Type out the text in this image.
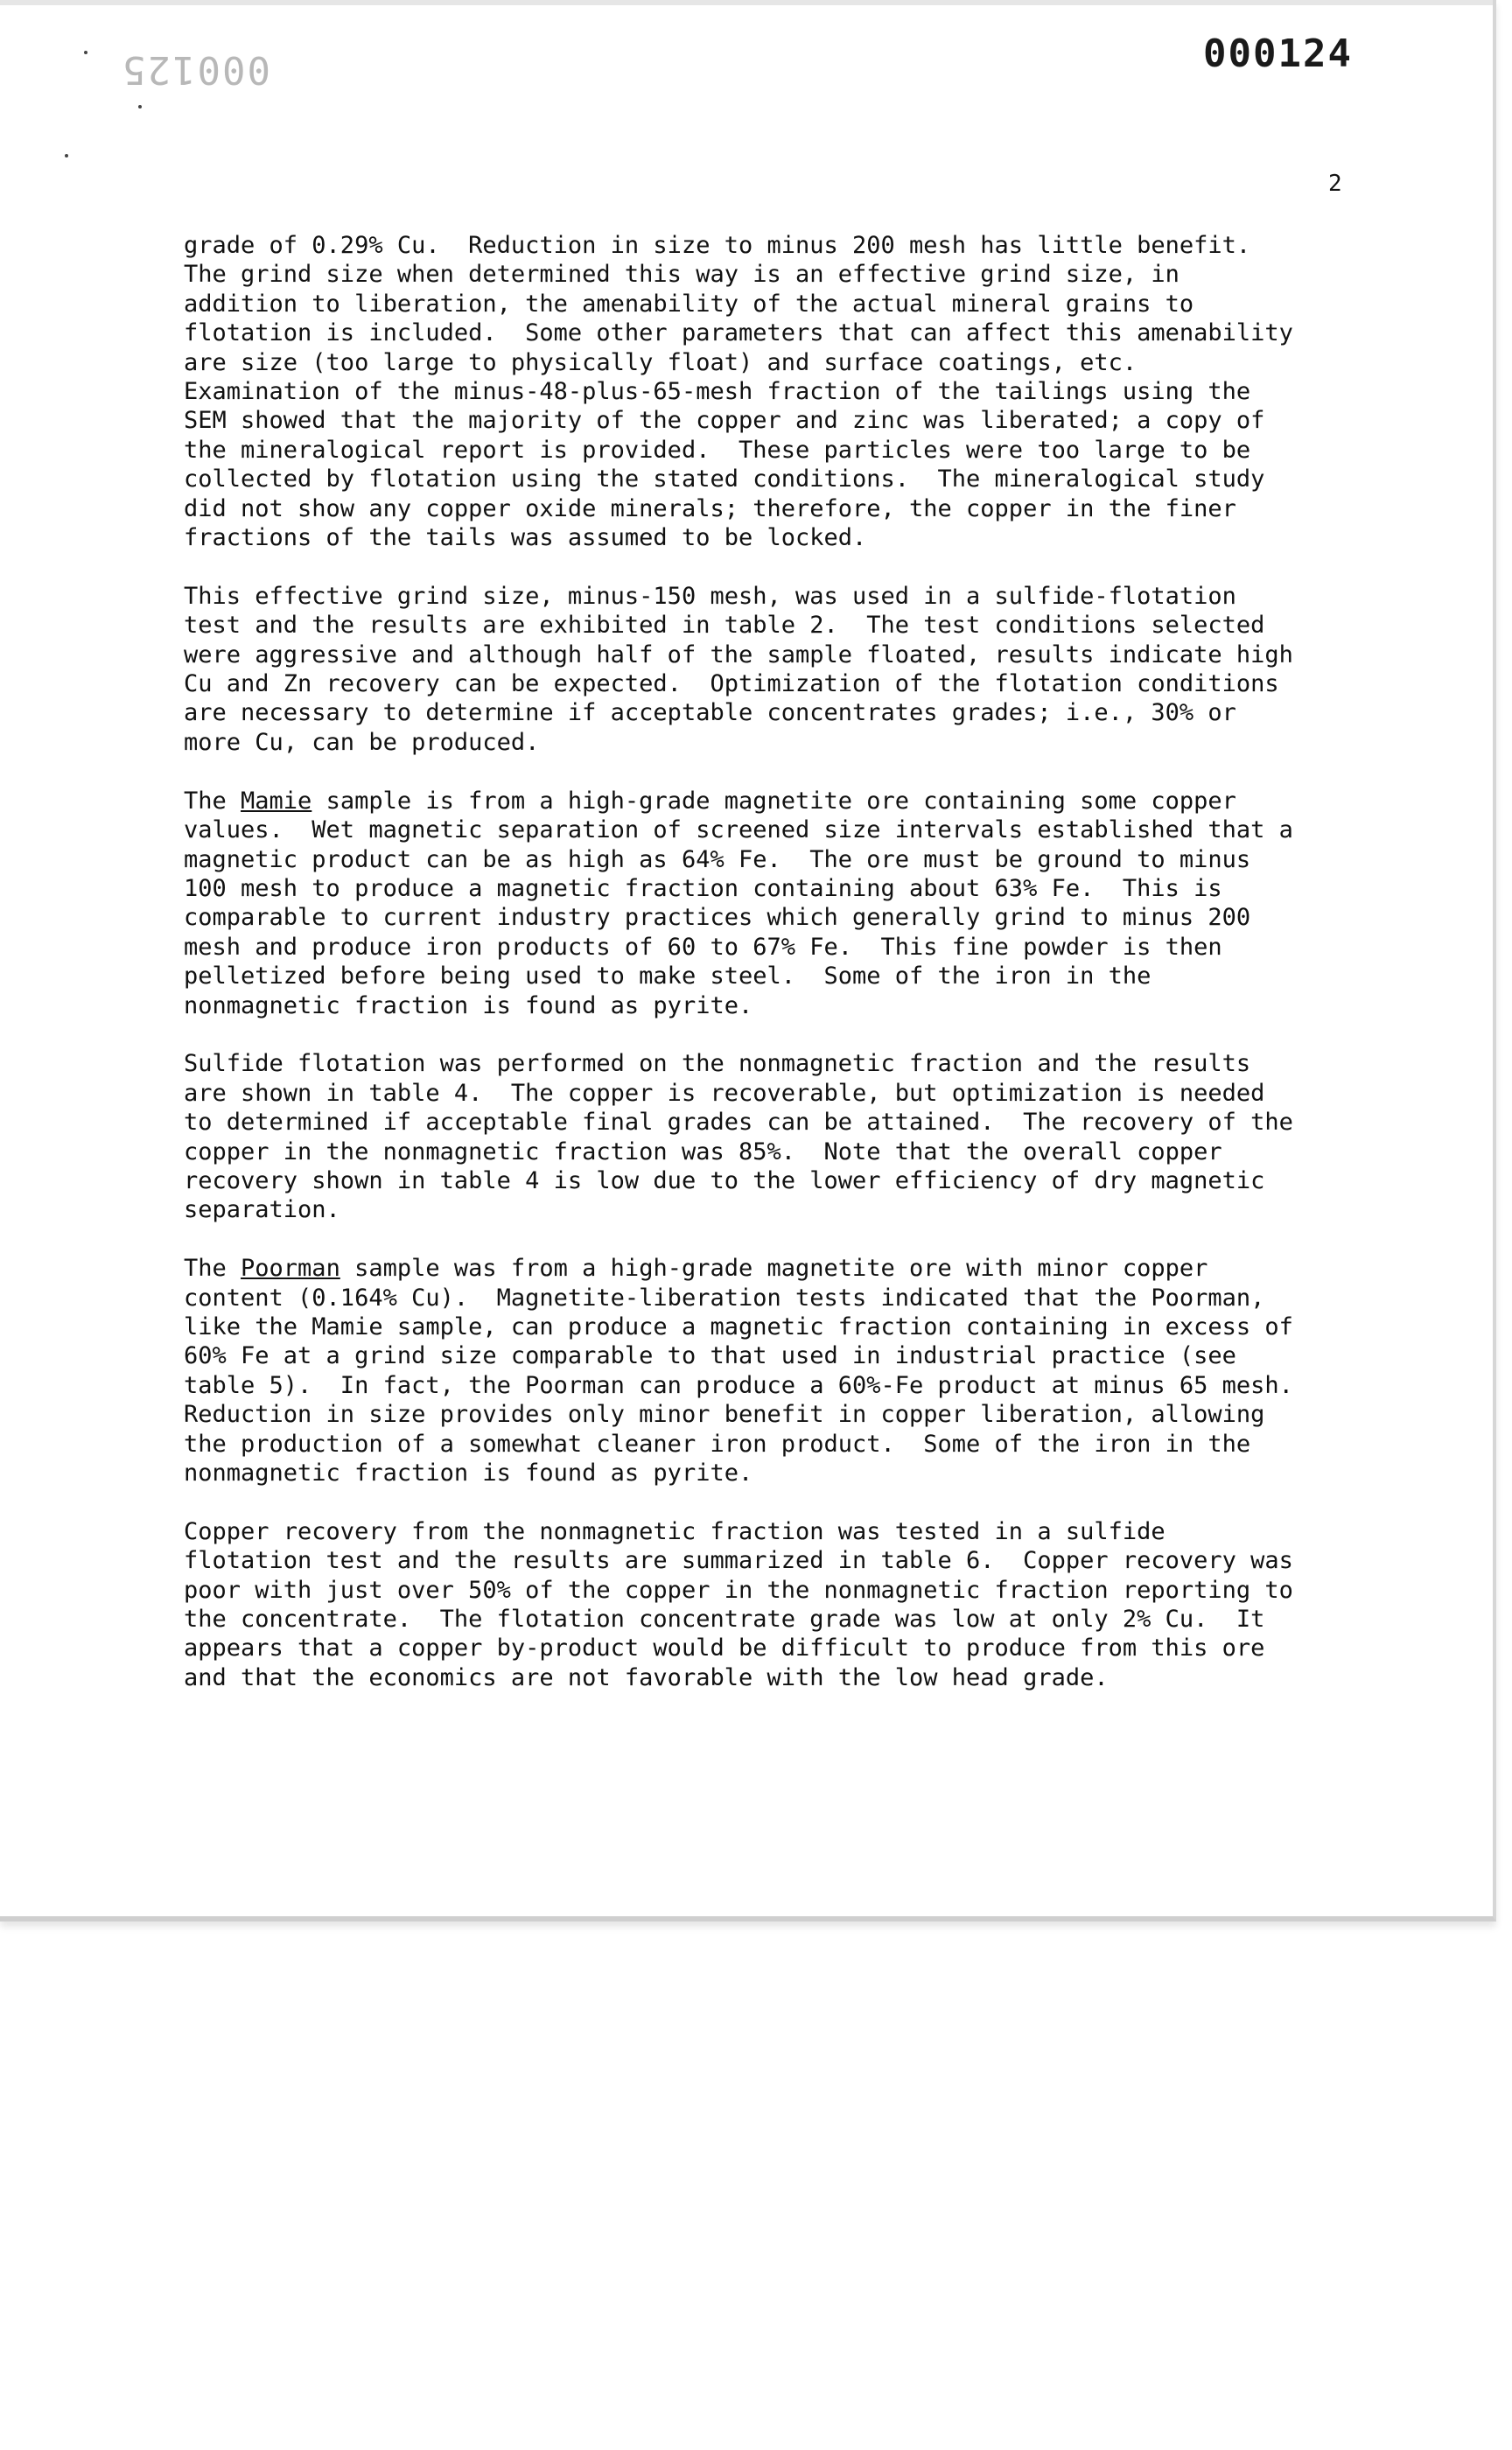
000125	000124
2
grade of 0.29% Cu.  Reduction in size to minus 200 mesh has little benefit.
The grind size when determined this way is an effective grind size, in
addition to liberation, the amenability of the actual mineral grains to
flotation is included.  Some other parameters that can affect this amenability
are size (too large to physically float) and surface coatings, etc.
Examination of the minus-48-plus-65-mesh fraction of the tailings using the
SEM showed that the majority of the copper and zinc was liberated; a copy of
the mineralogical report is provided.  These particles were too large to be
collected by flotation using the stated conditions.  The mineralogical study
did not show any copper oxide minerals; therefore, the copper in the finer
fractions of the tails was assumed to be locked.
This effective grind size, minus-150 mesh, was used in a sulfide-flotation
test and the results are exhibited in table 2.  The test conditions selected
were aggressive and although half of the sample floated, results indicate high
Cu and Zn recovery can be expected.  Optimization of the flotation conditions
are necessary to determine if acceptable concentrates grades; i.e., 30% or
more Cu, can be produced.
The Mamie sample is from a high-grade magnetite ore containing some copper
values.  Wet magnetic separation of screened size intervals established that a
magnetic product can be as high as 64% Fe.  The ore must be ground to minus
100 mesh to produce a magnetic fraction containing about 63% Fe.  This is
comparable to current industry practices which generally grind to minus 200
mesh and produce iron products of 60 to 67% Fe.  This fine powder is then
pelletized before being used to make steel.  Some of the iron in the
nonmagnetic fraction is found as pyrite.
Sulfide flotation was performed on the nonmagnetic fraction and the results
are shown in table 4.  The copper is recoverable, but optimization is needed
to determined if acceptable final grades can be attained.  The recovery of the
copper in the nonmagnetic fraction was 85%.  Note that the overall copper
recovery shown in table 4 is low due to the lower efficiency of dry magnetic
separation.
The Poorman sample was from a high-grade magnetite ore with minor copper
content (0.164% Cu).  Magnetite-liberation tests indicated that the Poorman,
like the Mamie sample, can produce a magnetic fraction containing in excess of
60% Fe at a grind size comparable to that used in industrial practice (see
table 5).  In fact, the Poorman can produce a 60%-Fe product at minus 65 mesh.
Reduction in size provides only minor benefit in copper liberation, allowing
the production of a somewhat cleaner iron product.  Some of the iron in the
nonmagnetic fraction is found as pyrite.
Copper recovery from the nonmagnetic fraction was tested in a sulfide
flotation test and the results are summarized in table 6.  Copper recovery was
poor with just over 50% of the copper in the nonmagnetic fraction reporting to
the concentrate.  The flotation concentrate grade was low at only 2% Cu.  It
appears that a copper by-product would be difficult to produce from this ore
and that the economics are not favorable with the low head grade.
